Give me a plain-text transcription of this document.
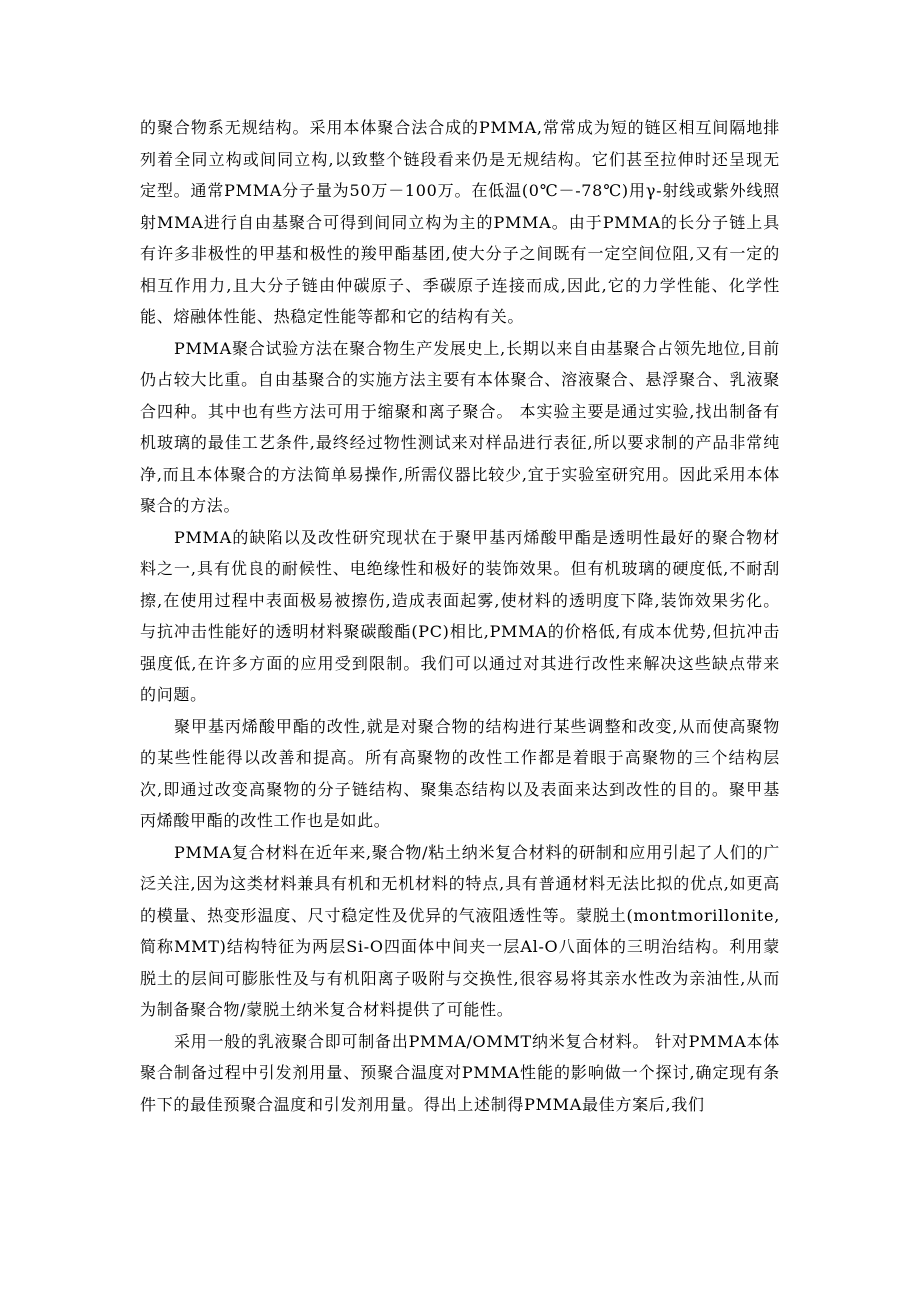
的聚合物系无规结构。采用本体聚合法合成的PMMA,常常成为短的链区相互间隔地排列着全同立构或间同立构,以致整个链段看来仍是无规结构。它们甚至拉伸时还呈现无定型。通常PMMA分子量为50万－100万。在低温(0℃－-78℃)用γ-射线或紫外线照射MMA进行自由基聚合可得到间同立构为主的PMMA。由于PMMA的长分子链上具有许多非极性的甲基和极性的羧甲酯基团,使大分子之间既有一定空间位阻,又有一定的相互作用力,且大分子链由仲碳原子、季碳原子连接而成,因此,它的力学性能、化学性能、熔融体性能、热稳定性能等都和它的结构有关。

PMMA聚合试验方法在聚合物生产发展史上,长期以来自由基聚合占领先地位,目前仍占较大比重。自由基聚合的实施方法主要有本体聚合、溶液聚合、悬浮聚合、乳液聚合四种。其中也有些方法可用于缩聚和离子聚合。 本实验主要是通过实验,找出制备有机玻璃的最佳工艺条件,最终经过物性测试来对样品进行表征,所以要求制的产品非常纯净,而且本体聚合的方法简单易操作,所需仪器比较少,宜于实验室研究用。因此采用本体聚合的方法。

PMMA的缺陷以及改性研究现状在于聚甲基丙烯酸甲酯是透明性最好的聚合物材料之一,具有优良的耐候性、电绝缘性和极好的装饰效果。但有机玻璃的硬度低,不耐刮擦,在使用过程中表面极易被擦伤,造成表面起雾,使材料的透明度下降,装饰效果劣化。与抗冲击性能好的透明材料聚碳酸酯(PC)相比,PMMA的价格低,有成本优势,但抗冲击强度低,在许多方面的应用受到限制。我们可以通过对其进行改性来解决这些缺点带来的问题。

聚甲基丙烯酸甲酯的改性,就是对聚合物的结构进行某些调整和改变,从而使高聚物的某些性能得以改善和提高。所有高聚物的改性工作都是着眼于高聚物的三个结构层次,即通过改变高聚物的分子链结构、聚集态结构以及表面来达到改性的目的。聚甲基丙烯酸甲酯的改性工作也是如此。

PMMA复合材料在近年来,聚合物/粘土纳米复合材料的研制和应用引起了人们的广泛关注,因为这类材料兼具有机和无机材料的特点,具有普通材料无法比拟的优点,如更高的模量、热变形温度、尺寸稳定性及优异的气液阻透性等。蒙脱土(montmorillonite,简称MMT)结构特征为两层Si-O四面体中间夹一层Al-O八面体的三明治结构。利用蒙脱土的层间可膨胀性及与有机阳离子吸附与交换性,很容易将其亲水性改为亲油性,从而为制备聚合物/蒙脱土纳米复合材料提供了可能性。

采用一般的乳液聚合即可制备出PMMA/OMMT纳米复合材料。 针对PMMA本体聚合制备过程中引发剂用量、预聚合温度对PMMA性能的影响做一个探讨,确定现有条件下的最佳预聚合温度和引发剂用量。得出上述制得PMMA最佳方案后,我们
